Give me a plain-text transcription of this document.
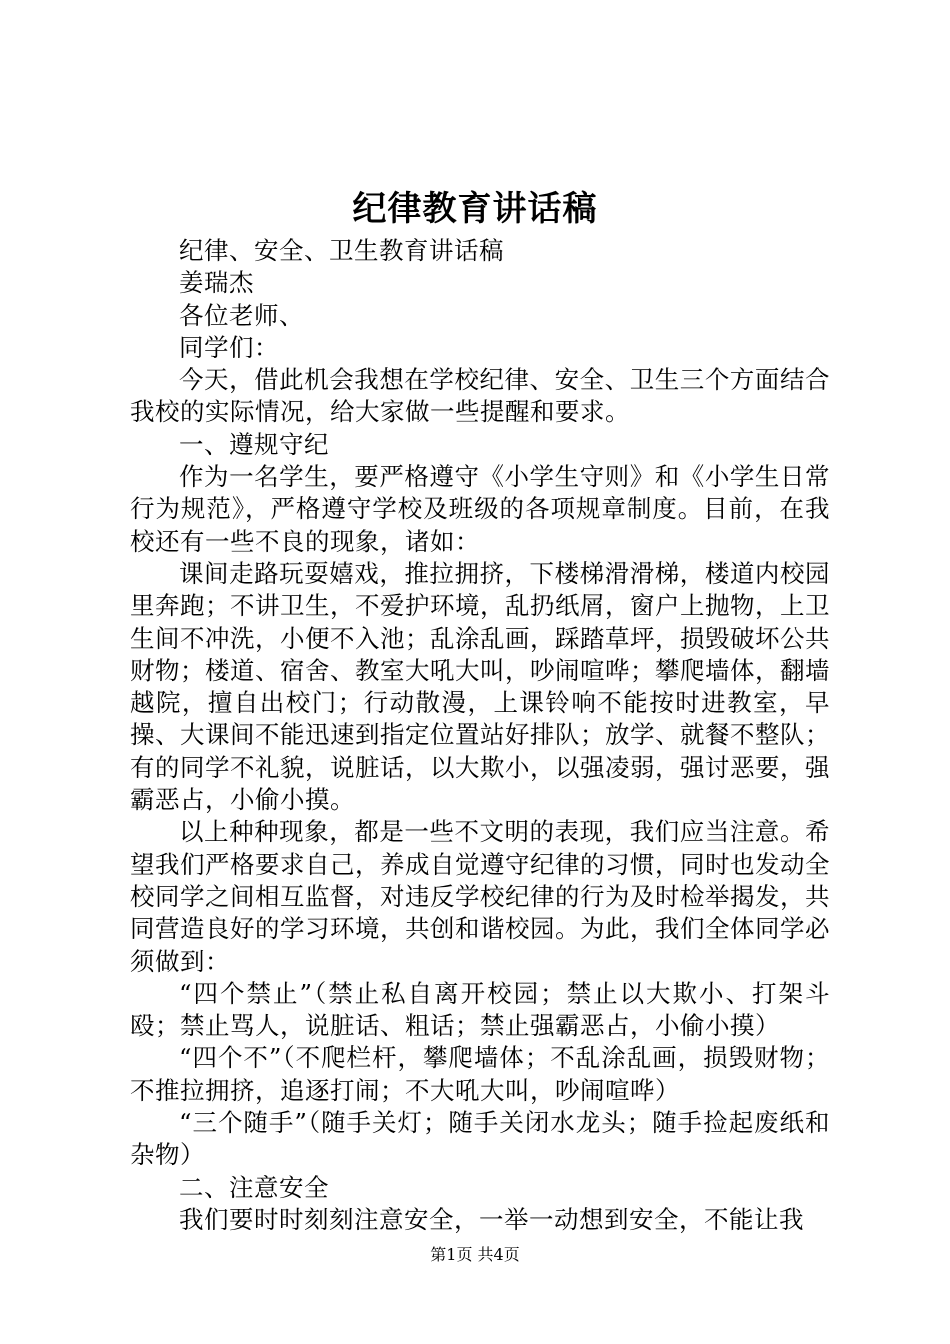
纪律教育讲话稿

纪律、安全、卫生教育讲话稿

姜瑞杰

各位老师、

同学们：

今天，借此机会我想在学校纪律、安全、卫生三个方面结合我校的实际情况，给大家做一些提醒和要求。

一、遵规守纪

作为一名学生，要严格遵守《小学生守则》和《小学生日常行为规范》，严格遵守学校及班级的各项规章制度。目前，在我校还有一些不良的现象，诸如：

课间走路玩耍嬉戏，推拉拥挤，下楼梯滑滑梯，楼道内校园里奔跑；不讲卫生，不爱护环境，乱扔纸屑，窗户上抛物，上卫生间不冲洗，小便不入池；乱涂乱画，踩踏草坪，损毁破坏公共财物；楼道、宿舍、教室大吼大叫，吵闹喧哗；攀爬墙体，翻墙越院，擅自出校门；行动散漫，上课铃响不能按时进教室，早操、大课间不能迅速到指定位置站好排队；放学、就餐不整队；有的同学不礼貌，说脏话，以大欺小，以强凌弱，强讨恶要，强霸恶占，小偷小摸。

以上种种现象，都是一些不文明的表现，我们应当注意。希望我们严格要求自己，养成自觉遵守纪律的习惯，同时也发动全校同学之间相互监督，对违反学校纪律的行为及时检举揭发，共同营造良好的学习环境，共创和谐校园。为此，我们全体同学必须做到：

“四个禁止”（禁止私自离开校园；禁止以大欺小、打架斗殴；禁止骂人，说脏话、粗话；禁止强霸恶占，小偷小摸）

“四个不”（不爬栏杆，攀爬墙体；不乱涂乱画，损毁财物；不推拉拥挤，追逐打闹；不大吼大叫，吵闹喧哗）

“三个随手”（随手关灯；随手关闭水龙头；随手捡起废纸和杂物）

二、注意安全

我们要时时刻刻注意安全，一举一动想到安全，不能让我

第1页 共4页
